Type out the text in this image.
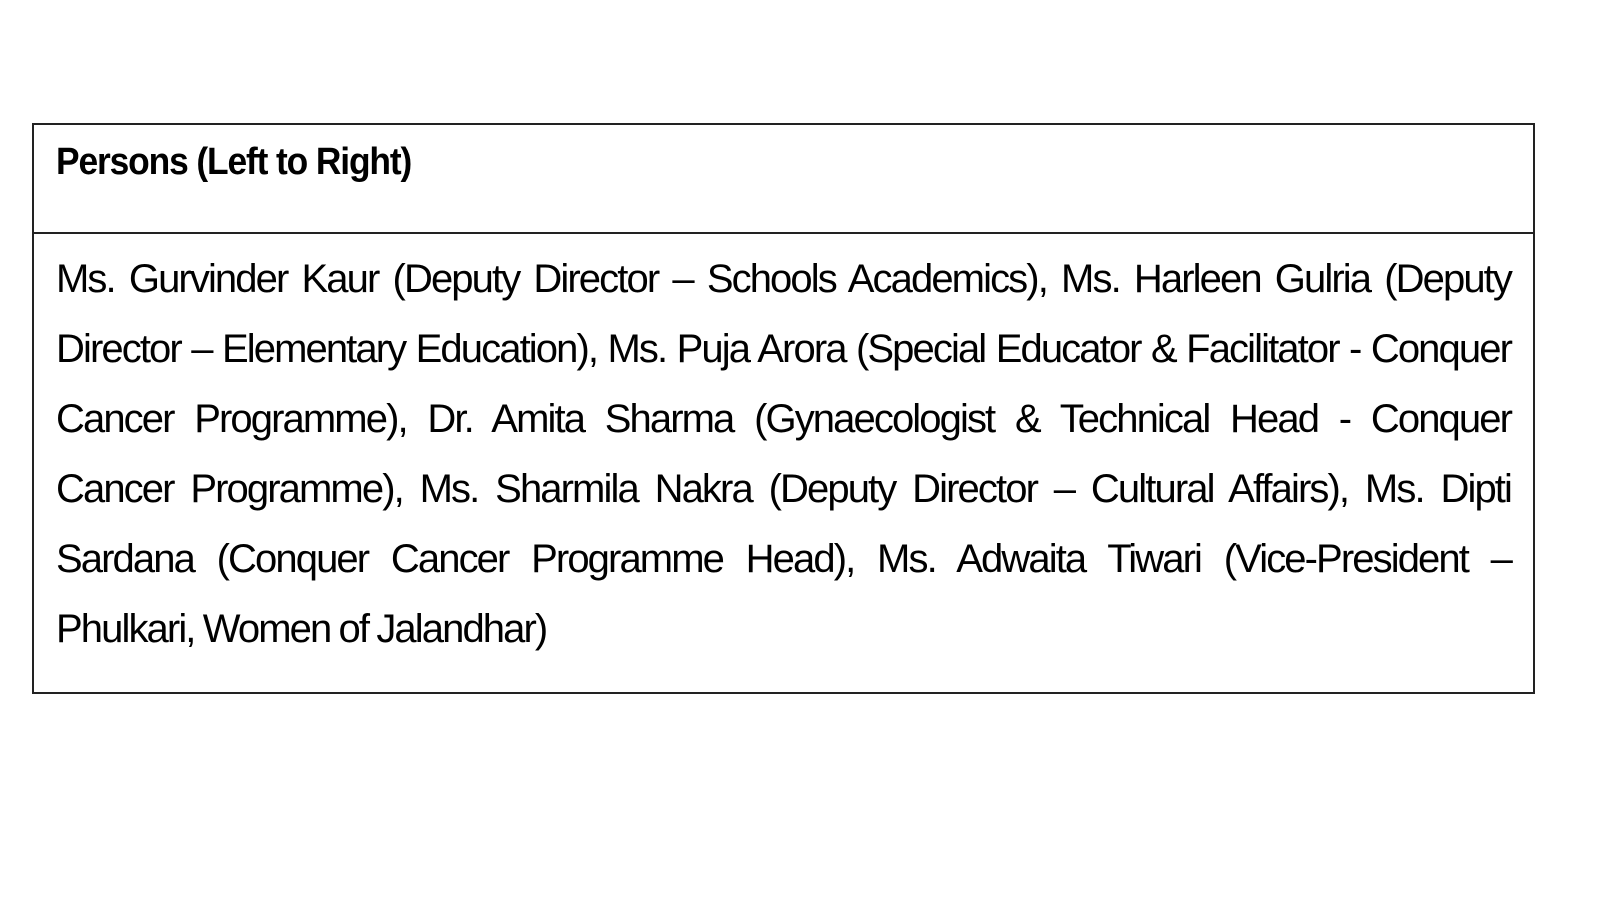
Persons (Left to Right)

Ms. Gurvinder Kaur (Deputy Director – Schools Academics), Ms. Harleen Gulria (Deputy Director – Elementary Education), Ms. Puja Arora (Special Educator & Facilitator - Conquer Cancer Programme), Dr. Amita Sharma (Gynaecologist & Technical Head - Conquer Cancer Programme), Ms. Sharmila Nakra (Deputy Director – Cultural Affairs), Ms. Dipti Sardana (Conquer Cancer Programme Head), Ms. Adwaita Tiwari (Vice-President – Phulkari, Women of Jalandhar)
